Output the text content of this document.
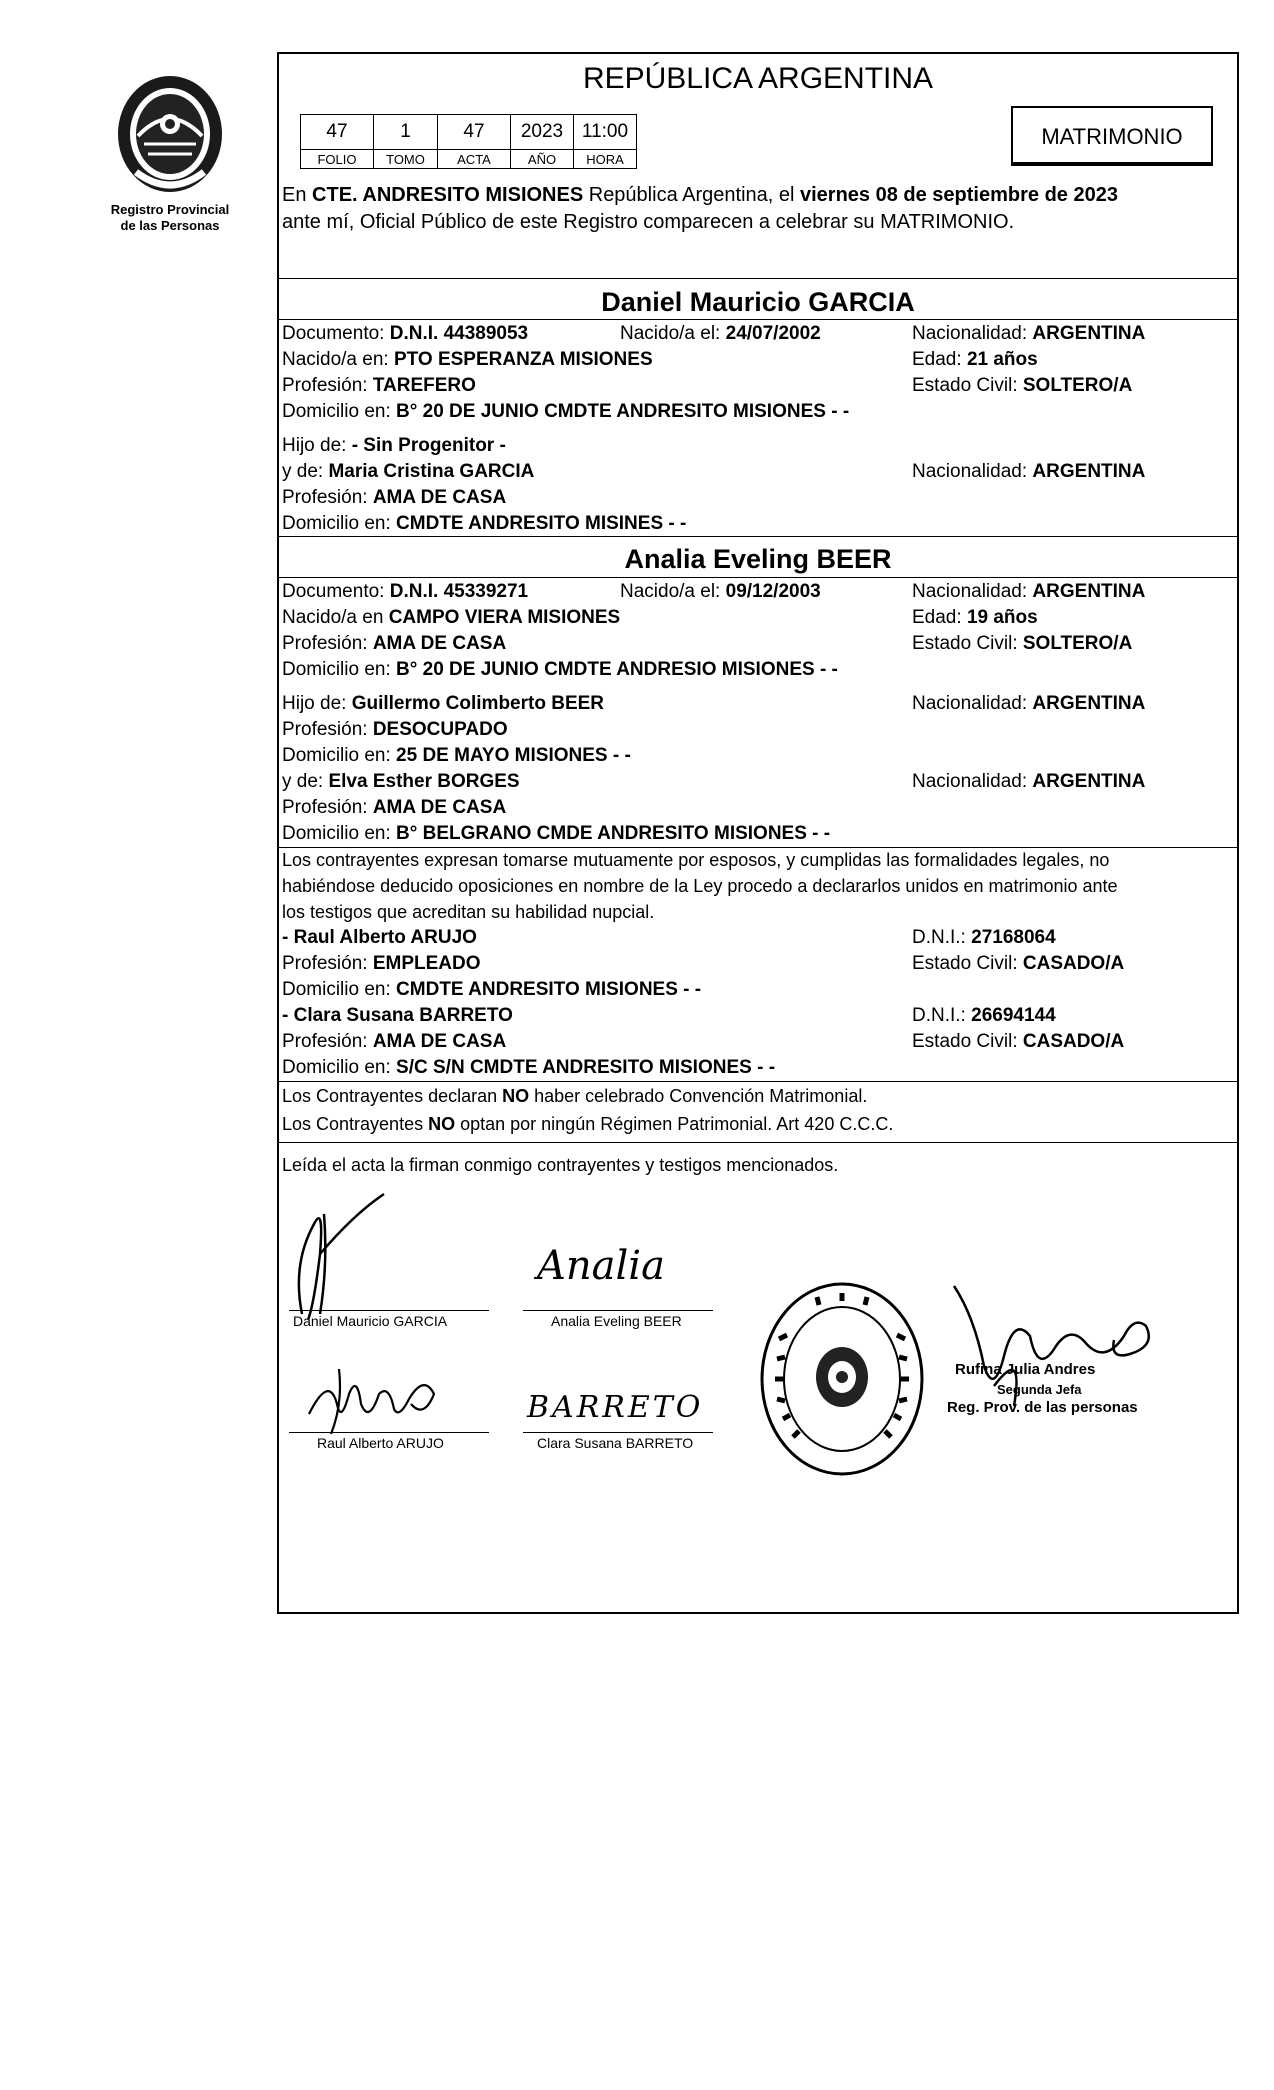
Registro Provincial
de las Personas
REPÚBLICA ARGENTINA
47	1	47	2023	11:00
FOLIO	TOMO	ACTA	AÑO	HORA
MATRIMONIO
En CTE. ANDRESITO MISIONES República Argentina, el viernes 08 de septiembre de 2023
ante mí, Oficial Público de este Registro comparecen a celebrar su MATRIMONIO.
Daniel Mauricio GARCIA
Documento: D.N.I. 44389053	Nacido/a el: 24/07/2002	Nacionalidad: ARGENTINA
Nacido/a en: PTO ESPERANZA MISIONES	Edad: 21 años
Profesión: TAREFERO	Estado Civil: SOLTERO/A
Domicilio en: B° 20 DE JUNIO CMDTE ANDRESITO MISIONES - -
Hijo de: - Sin Progenitor -
y de: Maria Cristina GARCIA	Nacionalidad: ARGENTINA
Profesión: AMA DE CASA
Domicilio en: CMDTE ANDRESITO MISINES - -
Analia Eveling BEER
Documento: D.N.I. 45339271	Nacido/a el: 09/12/2003	Nacionalidad: ARGENTINA
Nacido/a en CAMPO VIERA MISIONES	Edad: 19 años
Profesión: AMA DE CASA	Estado Civil: SOLTERO/A
Domicilio en: B° 20 DE JUNIO CMDTE ANDRESIO MISIONES - -
Hijo de: Guillermo Colimberto BEER	Nacionalidad: ARGENTINA
Profesión: DESOCUPADO
Domicilio en: 25 DE MAYO MISIONES - -
y de: Elva Esther BORGES	Nacionalidad: ARGENTINA
Profesión: AMA DE CASA
Domicilio en: B° BELGRANO CMDE ANDRESITO MISIONES - -
Los contrayentes expresan tomarse mutuamente por esposos, y cumplidas las formalidades legales, no
habiéndose deducido oposiciones en nombre de la Ley procedo a declararlos unidos en matrimonio ante
los testigos que acreditan su habilidad nupcial.
- Raul Alberto ARUJO	D.N.I.: 27168064
Profesión: EMPLEADO	Estado Civil: CASADO/A
Domicilio en: CMDTE ANDRESITO MISIONES - -
- Clara Susana BARRETO	D.N.I.: 26694144
Profesión: AMA DE CASA	Estado Civil: CASADO/A
Domicilio en: S/C S/N CMDTE ANDRESITO MISIONES - -
Los Contrayentes declaran NO haber celebrado Convención Matrimonial.
Los Contrayentes NO optan por ningún Régimen Patrimonial. Art 420 C.C.C.
Leída el acta la firman conmigo contrayentes y testigos mencionados.
Daniel Mauricio GARCIA
Analia
Analia Eveling BEER
Raul Alberto ARUJO
BARRETO
Clara Susana BARRETO
Rufina Julia Andres
Segunda Jefa
Reg. Prov. de las personas
